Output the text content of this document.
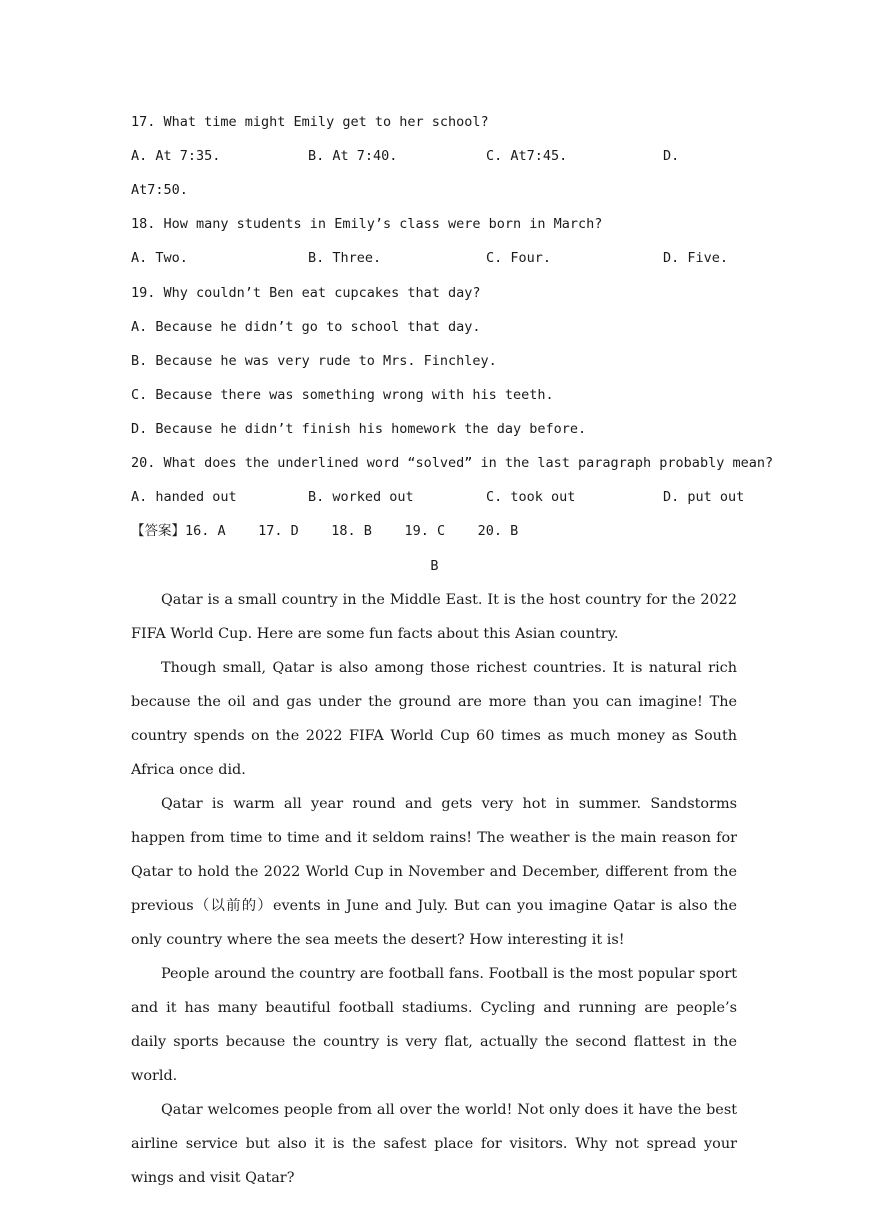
17. What time might Emily get to her school?
A. At 7:35.	B. At 7:40.	C. At7:45.	D.
At7:50.
18. How many students in Emily’s class were born in March?
A. Two.	B. Three.	C. Four.	D. Five.
19. Why couldn’t Ben eat cupcakes that day?
A. Because he didn’t go to school that day.
B. Because he was very rude to Mrs. Finchley.
C. Because there was something wrong with his teeth.
D. Because he didn’t finish his homework the day before.
20. What does the underlined word “solved” in the last paragraph probably mean?
A. handed out	B. worked out	C. took out	D. put out
【答案】16. A    17. D    18. B    19. C    20. B
B

Qatar is a small country in the Middle East. It is the host country for the 2022 FIFA World Cup. Here are some fun facts about this Asian country.

Though small, Qatar is also among those richest countries. It is natural rich because the oil and gas under the ground are more than you can imagine! The country spends on the 2022 FIFA World Cup 60 times as much money as South Africa once did.

Qatar is warm all year round and gets very hot in summer. Sandstorms happen from time to time and it seldom rains! The weather is the main reason for Qatar to hold the 2022 World Cup in November and December, different from the previous（以前的）events in June and July. But can you imagine Qatar is also the only country where the sea meets the desert? How interesting it is!

People around the country are football fans. Football is the most popular sport and it has many beautiful football stadiums. Cycling and running are people’s daily sports because the country is very flat, actually the second flattest in the world.

Qatar welcomes people from all over the world! Not only does it have the best airline service but also it is the safest place for visitors. Why not spread your wings and visit Qatar?
